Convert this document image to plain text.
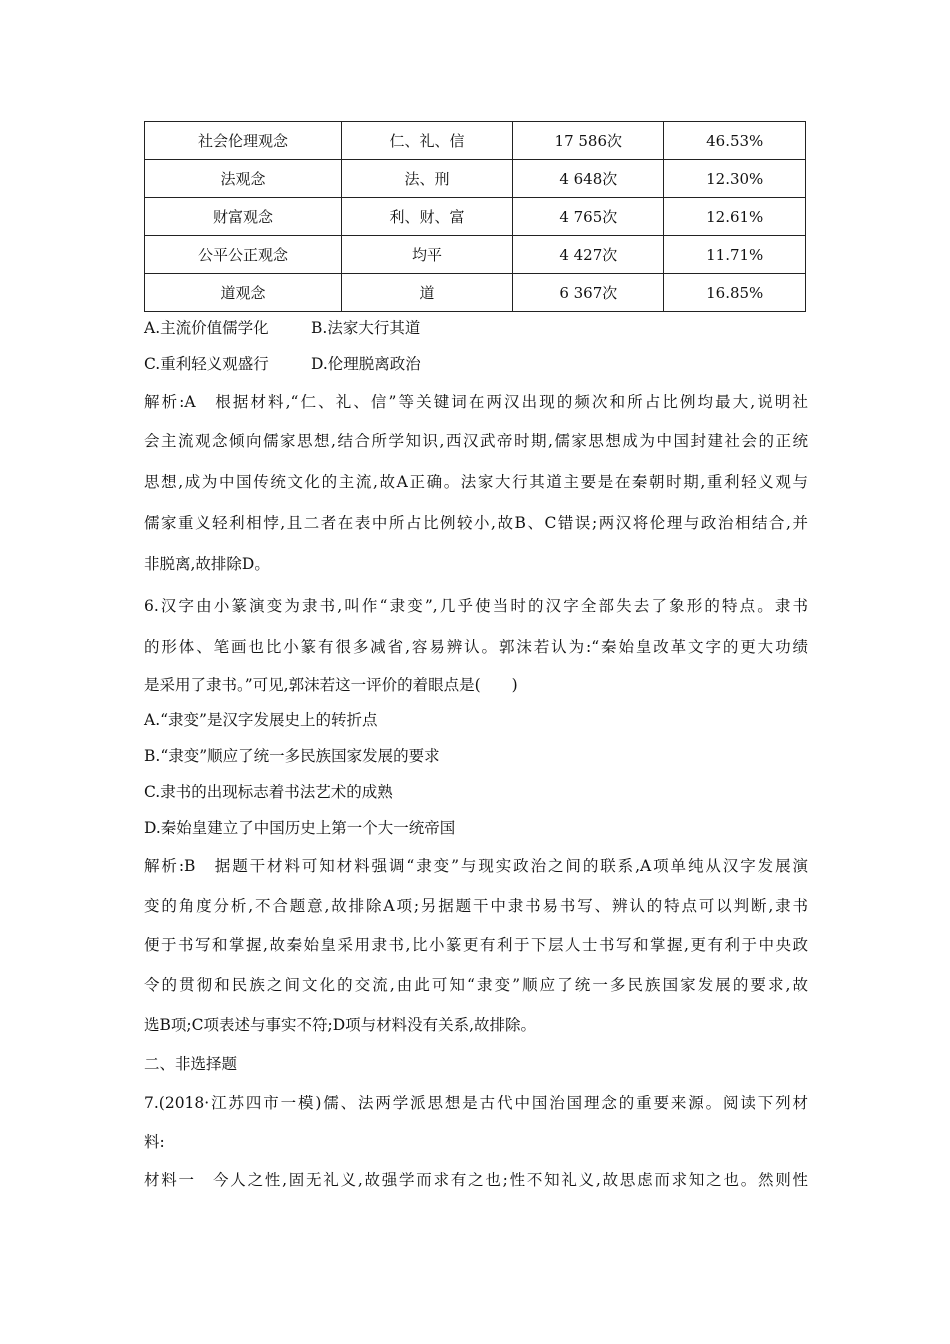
社会伦理观念	仁、礼、信	17 586次	46.53%
法观念	法、刑	4 648次	12.30%
财富观念	利、财、富	4 765次	12.61%
公平公正观念	均平	4 427次	11.71%
道观念	道	6 367次	16.85%
A.主流价值儒学化	B.法家大行其道
C.重利轻义观盛行	D.伦理脱离政治
解析:A　根据材料,“仁、礼、信”等关键词在两汉出现的频次和所占比例均最大,说明社
会主流观念倾向儒家思想,结合所学知识,西汉武帝时期,儒家思想成为中国封建社会的正统
思想,成为中国传统文化的主流,故A正确。法家大行其道主要是在秦朝时期,重利轻义观与
儒家重义轻利相悖,且二者在表中所占比例较小,故B、C错误;两汉将伦理与政治相结合,并
非脱离,故排除D。
6.汉字由小篆演变为隶书,叫作“隶变”,几乎使当时的汉字全部失去了象形的特点。隶书
的形体、笔画也比小篆有很多减省,容易辨认。郭沫若认为:“秦始皇改革文字的更大功绩
是采用了隶书。”可见,郭沫若这一评价的着眼点是(　　)
A.“隶变”是汉字发展史上的转折点
B.“隶变”顺应了统一多民族国家发展的要求
C.隶书的出现标志着书法艺术的成熟
D.秦始皇建立了中国历史上第一个大一统帝国
解析:B　据题干材料可知材料强调“隶变”与现实政治之间的联系,A项单纯从汉字发展演
变的角度分析,不合题意,故排除A项;另据题干中隶书易书写、辨认的特点可以判断,隶书
便于书写和掌握,故秦始皇采用隶书,比小篆更有利于下层人士书写和掌握,更有利于中央政
令的贯彻和民族之间文化的交流,由此可知“隶变”顺应了统一多民族国家发展的要求,故
选B项;C项表述与事实不符;D项与材料没有关系,故排除。
二、非选择题
7.(2018·江苏四市一模)儒、法两学派思想是古代中国治国理念的重要来源。阅读下列材
料:
材料一　今人之性,固无礼义,故强学而求有之也;性不知礼义,故思虑而求知之也。然则性
